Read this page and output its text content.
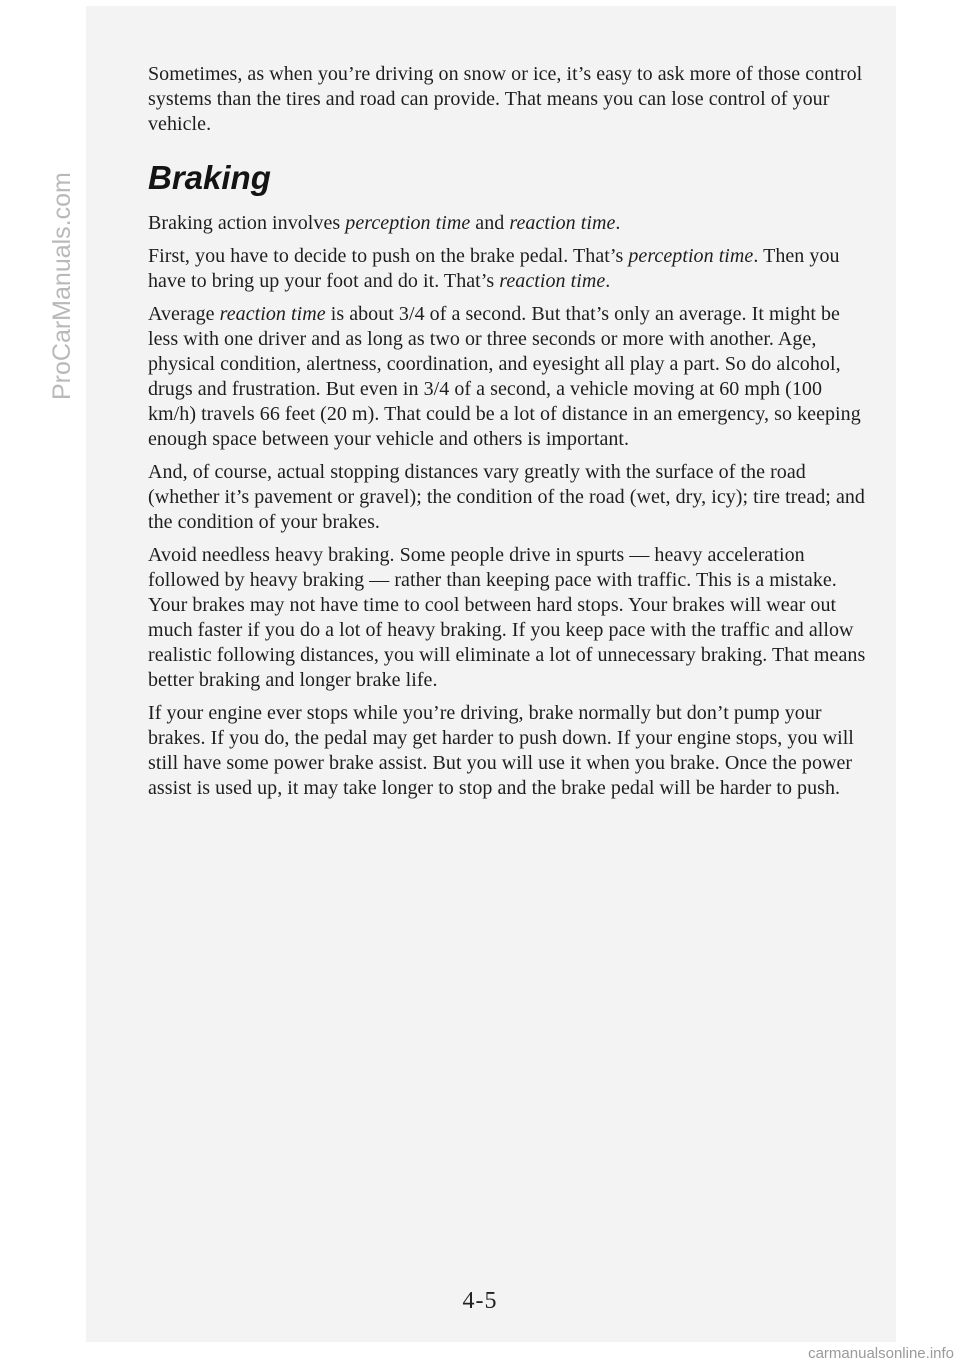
ProCarManuals.com

Sometimes, as when you’re driving on snow or ice, it’s easy to ask more of those control systems than the tires and road can provide. That means you can lose control of your vehicle.

Braking

Braking action involves perception time and reaction time.

First, you have to decide to push on the brake pedal. That’s perception time. Then you have to bring up your foot and do it. That’s reaction time.

Average reaction time is about 3/4 of a second. But that’s only an average. It might be less with one driver and as long as two or three seconds or more with another. Age, physical condition, alertness, coordination, and eyesight all play a part. So do alcohol, drugs and frustration. But even in 3/4 of a second, a vehicle moving at 60 mph (100 km/h) travels 66 feet (20 m). That could be a lot of distance in an emergency, so keeping enough space between your vehicle and others is important.

And, of course, actual stopping distances vary greatly with the surface of the road (whether it’s pavement or gravel); the condition of the road (wet, dry, icy); tire tread; and the condition of your brakes.

Avoid needless heavy braking. Some people drive in spurts — heavy acceleration followed by heavy braking — rather than keeping pace with traffic. This is a mistake. Your brakes may not have time to cool between hard stops. Your brakes will wear out much faster if you do a lot of heavy braking. If you keep pace with the traffic and allow realistic following distances, you will eliminate a lot of unnecessary braking. That means better braking and longer brake life.

If your engine ever stops while you’re driving, brake normally but don’t pump your brakes. If you do, the pedal may get harder to push down. If your engine stops, you will still have some power brake assist. But you will use it when you brake. Once the power assist is used up, it may take longer to stop and the brake pedal will be harder to push.

4-5
carmanualsonline.info
